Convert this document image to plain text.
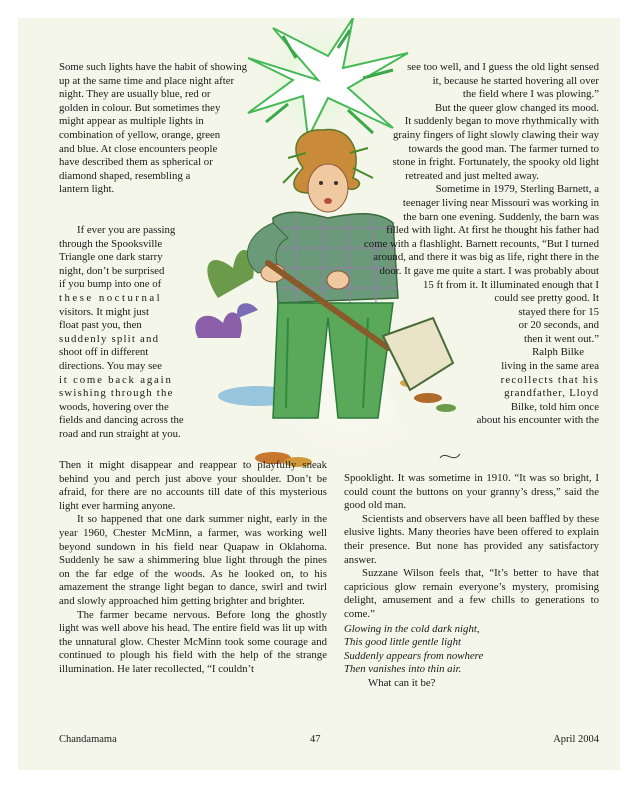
Some such lights have the habit of showing

up at the same time and place night after

night. They are usually blue, red or

golden in colour. But sometimes they

might appear as multiple lights in

combination of yellow, orange, green

and blue. At close encounters people

have described them as spherical or

diamond shaped, resembling a

lantern light.

If ever you are passing

through the Spooksville

Triangle one dark starry

night, don’t be surprised

if you bump into one of

these nocturnal

visitors. It might just

float past you, then

suddenly split and

shoot off in different

directions. You may see

it come back again

swishing through the

woods, hovering over the

fields and dancing across the

road and run straight at you.

Then it might disappear and reappear to playfully sneak behind you and perch just above your shoulder. Don’t be afraid, for there are no accounts till date of this mysterious light ever harming anyone.

It so happened that one dark summer night, early in the year 1960, Chester McMinn, a farmer, was working well beyond sundown in his field near Quapaw in Oklahoma. Suddenly he saw a shimmering blue light through the pines on the far edge of the woods. As he looked on, to his amazement the strange light began to dance, swirl and twirl and slowly approached him getting brighter and brighter.

The farmer became nervous. Before long the ghostly light was well above his head. The entire field was lit up with the unnatural glow. Chester McMinn took some courage and continued to plough his field with the help of the strange illumination. He later recollected, “I couldn’t

see too well, and I guess the old light sensed

it, because he started hovering all over

the field where I was plowing.”

But the queer glow changed its mood.

It suddenly began to move rhythmically with

grainy fingers of light slowly clawing their way

towards the good man. The farmer turned to

stone in fright. Fortunately, the spooky old light

retreated and just melted away.

Sometime in 1979, Sterling Barnett, a

teenager living near Missouri was working in

the barn one evening. Suddenly, the barn was

filled with light. At first he thought his father had

come with a flashlight. Barnett recounts, “But I turned

around, and there it was big as life, right there in the

door. It gave me quite a start. I was probably about

15 ft from it. It illuminated enough that I

could see pretty good. It

stayed there for 15

or 20 seconds, and

then it went out.”

Ralph Bilke

living in the same area

recollects that his

grandfather, Lloyd

Bilke, told him once

about his encounter with the

Spooklight. It was sometime in 1910. “It was so bright, I could count the buttons on your granny’s dress,” said the good old man.

Scientists and observers have all been baffled by these elusive lights. Many theories have been offered to explain their presence. But none has provided any satisfactory answer.

Suzzane Wilson feels that, “It’s better to have that capricious glow remain everyone’s mystery, promising delight, amusement and a few chills to generations to come.”

Glowing in the cold dark night,

This good little gentle light

Suddenly appears from nowhere

Then vanishes into thin air.

What can it be?

Chandamama	47	April 2004
